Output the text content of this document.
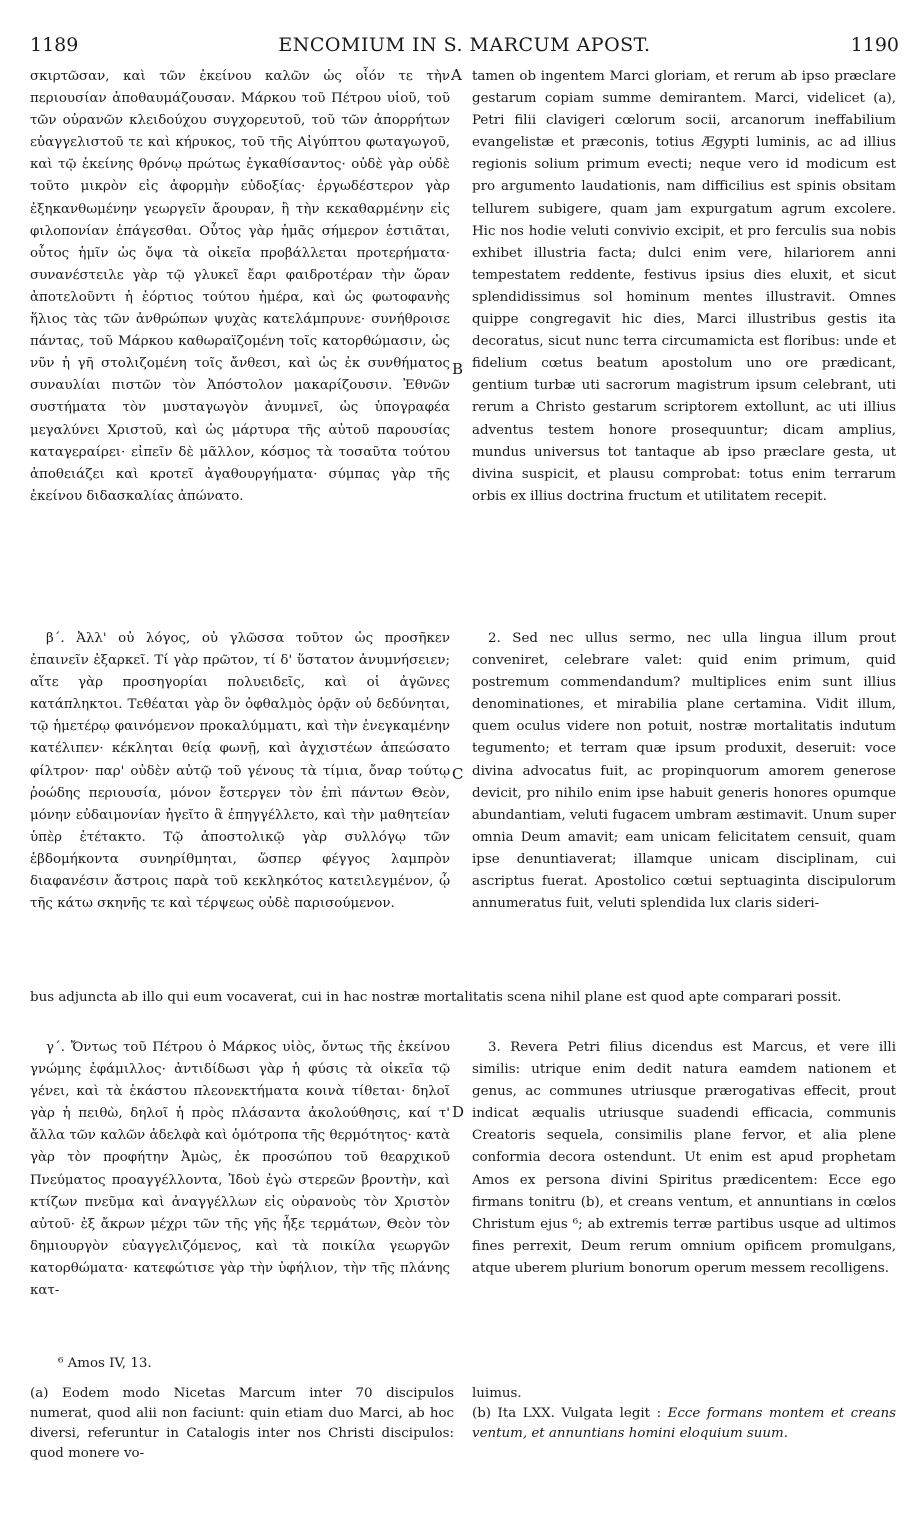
1189	ENCOMIUM IN S. MARCUM APOST.	1190

σκιρτῶσαν, καὶ τῶν ἐκείνου καλῶν ὡς οἷόν τε τὴν περιουσίαν ἀποθαυμάζουσαν. Μάρκου τοῦ Πέτρου υἱοῦ, τοῦ τῶν οὐρανῶν κλειδούχου συγχορευτοῦ, τοῦ τῶν ἀπορρήτων εὐαγγελιστοῦ τε καὶ κήρυκος, τοῦ τῆς Αἰγύπτου φωταγωγοῦ, καὶ τῷ ἐκείνης θρόνῳ πρώτως ἐγκαθίσαντος· οὐδὲ γὰρ οὐδὲ τοῦτο μικρὸν εἰς ἀφορμὴν εὐδοξίας· ἐργωδέστερον γὰρ ἐξηκανθωμένην γεωργεῖν ἄρουραν, ἢ τὴν κεκαθαρμένην εἰς φιλοπονίαν ἐπάγεσθαι. Οὗτος γὰρ ἡμᾶς σήμερον ἑστιᾶται, οὗτος ἡμῖν ὡς ὄψα τὰ οἰκεῖα προβάλλεται προτερήματα· συνανέστειλε γὰρ τῷ γλυκεῖ ἔαρι φαιδροτέραν τὴν ὥραν ἀποτελοῦντι ἡ ἑόρτιος τούτου ἡμέρα, καὶ ὡς φωτοφανὴς ἥλιος τὰς τῶν ἀνθρώπων ψυχὰς κατελάμπρυνε· συνήθροισε πάντας, τοῦ Μάρκου καθωραϊζομένη τοῖς κατορθώμασιν, ὡς νῦν ἡ γῆ στολιζομένη τοῖς ἄνθεσι, καὶ ὡς ἐκ συνθήματος συναυλίαι πιστῶν τὸν Ἀπόστολον μακαρίζουσιν. Ἐθνῶν συστήματα τὸν μυσταγωγὸν ἀνυμνεῖ, ὡς ὑπογραφέα μεγαλύνει Χριστοῦ, καὶ ὡς μάρτυρα τῆς αὐτοῦ παρουσίας καταγεραίρει· εἰπεῖν δὲ μᾶλλον, κόσμος τὰ τοσαῦτα τούτου ἀποθειάζει καὶ κροτεῖ ἀγαθουργήματα· σύμπας γὰρ τῆς ἐκείνου διδασκαλίας ἀπώνατο.

tamen ob ingentem Marci gloriam, et rerum ab ipso præclare gestarum copiam summe demirantem. Marci, videlicet (a), Petri filii clavigeri cœlorum socii, arcanorum ineffabilium evangelistæ et præconis, totius Ægypti luminis, ac ad illius regionis solium primum evecti; neque vero id modicum est pro argumento laudationis, nam difficilius est spinis obsitam tellurem subigere, quam jam expurgatum agrum excolere. Hic nos hodie veluti convivio excipit, et pro ferculis sua nobis exhibet illustria facta; dulci enim vere, hilariorem anni tempestatem reddente, festivus ipsius dies eluxit, et sicut splendidissimus sol hominum mentes illustravit. Omnes quippe congregavit hic dies, Marci illustribus gestis ita decoratus, sicut nunc terra circumamicta est floribus: unde et fidelium cœtus beatum apostolum uno ore prædicant, gentium turbæ uti sacrorum magistrum ipsum celebrant, uti rerum a Christo gestarum scriptorem extollunt, ac uti illius adventus testem honore prosequuntur; dicam amplius, mundus universus tot tantaque ab ipso præclare gesta, ut divina suspicit, et plausu comprobat: totus enim terrarum orbis ex illius doctrina fructum et utilitatem recepit.

A
B
C
D

β΄. Ἀλλ' οὐ λόγος, οὐ γλῶσσα τοῦτον ὡς προσῆκεν ἐπαινεῖν ἐξαρκεῖ. Τί γὰρ πρῶτον, τί δ' ὕστατον ἀνυμνήσειεν; αἵτε γὰρ προσηγορίαι πολυειδεῖς, καὶ οἱ ἀγῶνες κατάπληκτοι. Τεθέαται γὰρ ὃν ὀφθαλμὸς ὁρᾷν οὐ δεδύνηται, τῷ ἡμετέρῳ φαινόμενον προκαλύμματι, καὶ τὴν ἐνεγκαμένην κατέλιπεν· κέκληται θείᾳ φωνῇ, καὶ ἀγχιστέων ἀπεώσατο φίλτρον· παρ' οὐδὲν αὐτῷ τοῦ γένους τὰ τίμια, ὄναρ τούτῳ ῥοώδης περιουσία, μόνον ἔστεργεν τὸν ἐπὶ πάντων Θεὸν, μόνην εὐδαιμονίαν ἡγεῖτο ἃ ἐπηγγέλλετο, καὶ τὴν μαθητείαν ὑπὲρ ἐτέτακτο. Τῷ ἀποστολικῷ γὰρ συλλόγῳ τῶν ἑβδομήκοντα συνηρίθμηται, ὥσπερ φέγγος λαμπρὸν διαφανέσιν ἄστροις παρὰ τοῦ κεκληκότος κατειλεγμένον, ᾧ τῆς κάτω σκηνῆς τε καὶ τέρψεως οὐδὲ παρισούμενον.

2. Sed nec ullus sermo, nec ulla lingua illum prout conveniret, celebrare valet: quid enim primum, quid postremum commendandum? multiplices enim sunt illius denominationes, et mirabilia plane certamina. Vidit illum, quem oculus videre non potuit, nostræ mortalitatis indutum tegumento; et terram quæ ipsum produxit, deseruit: voce divina advocatus fuit, ac propinquorum amorem generose devicit, pro nihilo enim ipse habuit generis honores opumque abundantiam, veluti fugacem umbram æstimavit. Unum super omnia Deum amavit; eam unicam felicitatem censuit, quam ipse denuntiaverat; illamque unicam disciplinam, cui ascriptus fuerat. Apostolico cœtui septuaginta discipulorum annumeratus fuit, veluti splendida lux claris sideri-

bus adjuncta ab illo qui eum vocaverat, cui in hac nostræ mortalitatis scena nihil plane est quod apte comparari possit.

γ΄. Ὄντως τοῦ Πέτρου ὁ Μάρκος υἱὸς, ὄντως τῆς ἐκείνου γνώμης ἐφάμιλλος· ἀντιδίδωσι γὰρ ἡ φύσις τὰ οἰκεῖα τῷ γένει, καὶ τὰ ἑκάστου πλεονεκτήματα κοινὰ τίθεται· δηλοῖ γὰρ ἡ πειθὼ, δηλοῖ ἡ πρὸς πλάσαντα ἀκολούθησις, καί τ' ἄλλα τῶν καλῶν ἀδελφὰ καὶ ὁμότροπα τῆς θερμότητος· κατὰ γὰρ τὸν προφήτην Ἀμὼς, ἐκ προσώπου τοῦ θεαρχικοῦ Πνεύματος προαγγέλλοντα, Ἰδοὺ ἐγὼ στερεῶν βροντὴν, καὶ κτίζων πνεῦμα καὶ ἀναγγέλλων εἰς οὐρανοὺς τὸν Χριστὸν αὐτοῦ· ἐξ ἄκρων μέχρι τῶν τῆς γῆς ἧξε τερμάτων, Θεὸν τὸν δημιουργὸν εὐαγγελιζόμενος, καὶ τὰ ποικίλα γεωργῶν κατορθώματα· κατεφώτισε γὰρ τὴν ὑφήλιον, τὴν τῆς πλάνης κατ-

3. Revera Petri filius dicendus est Marcus, et vere illi similis: utrique enim dedit natura eamdem nationem et genus, ac communes utriusque prærogativas effecit, prout indicat æqualis utriusque suadendi efficacia, communis Creatoris sequela, consimilis plane fervor, et alia plene conformia decora ostendunt. Ut enim est apud prophetam Amos ex persona divini Spiritus prædicentem: Ecce ego firmans tonitru (b), et creans ventum, et annuntians in cœlos Christum ejus ⁶; ab extremis terræ partibus usque ad ultimos fines perrexit, Deum rerum omnium opificem promulgans, atque uberem plurium bonorum operum messem recolligens.

⁶ Amos IV, 13.

(a) Eodem modo Nicetas Marcum inter 70 discipulos numerat, quod alii non faciunt: quin etiam duo Marci, ab hoc diversi, referuntur in Catalogis inter nos Christi discipulos: quod monere vo-

luimus.

(b) Ita LXX. Vulgata legit : Ecce formans montem et creans ventum, et annuntians homini eloquium suum.
